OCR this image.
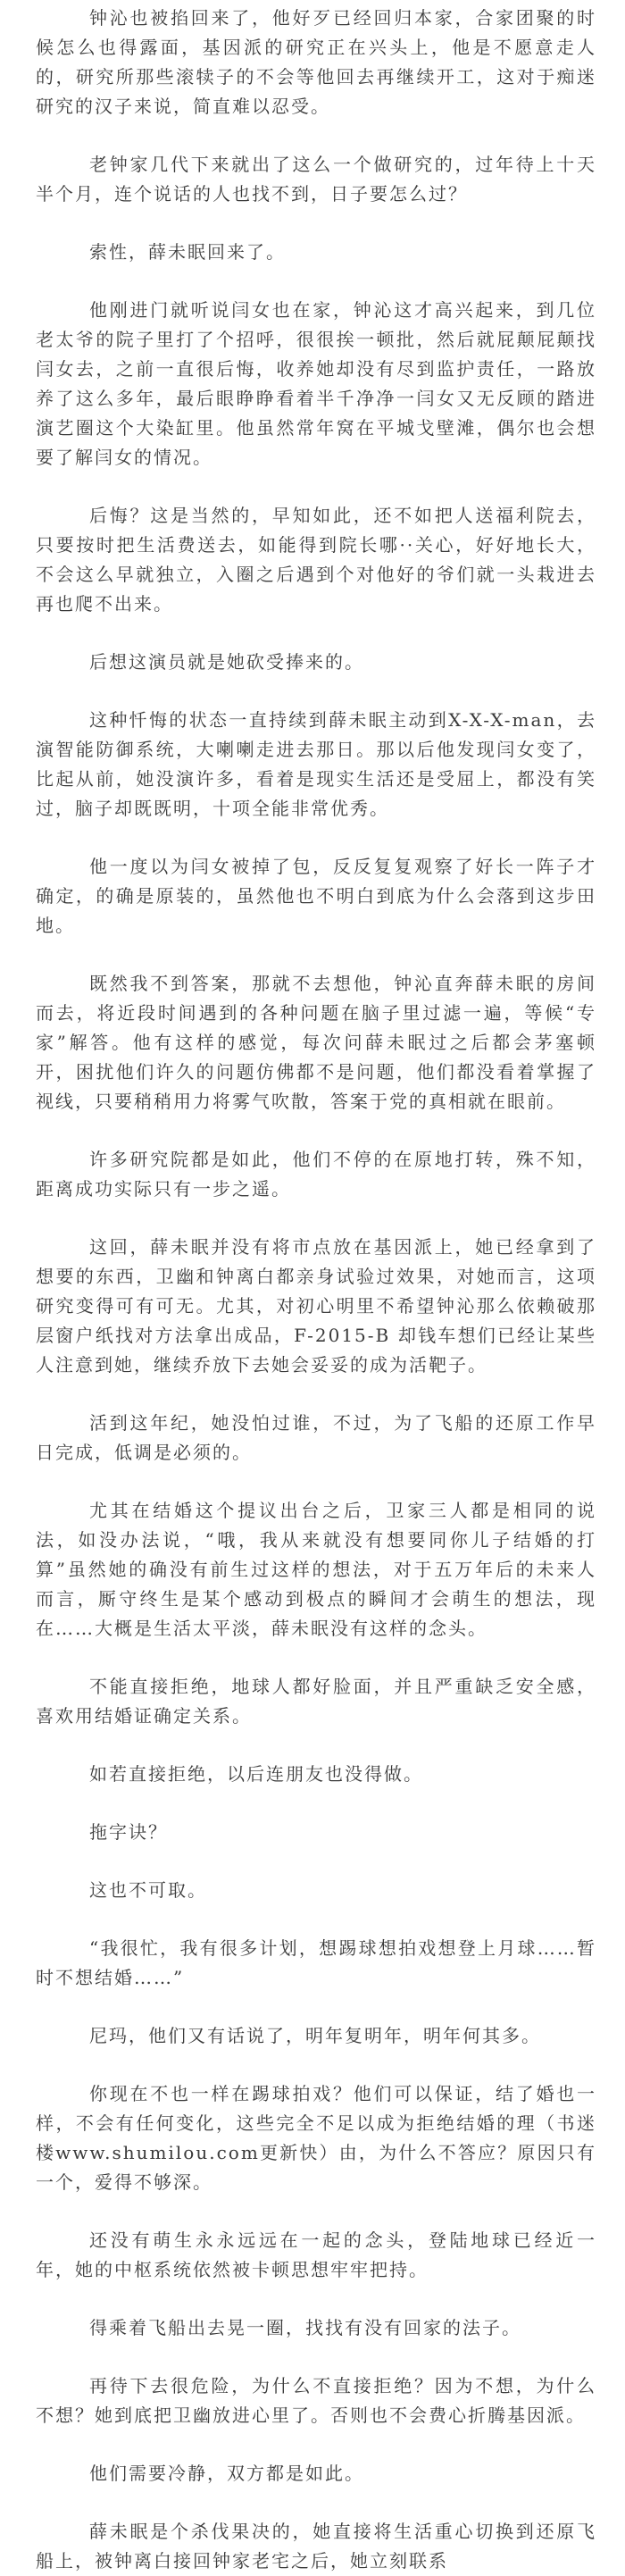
钟沁也被掐回来了，他好歹已经回归本家，合家团聚的时候怎么也得露面，基因派的研究正在兴头上，他是不愿意走人的，研究所那些滚犊子的不会等他回去再继续开工，这对于痴迷研究的汉子来说，简直难以忍受。

老钟家几代下来就出了这么一个做研究的，过年待上十天半个月，连个说话的人也找不到，日子要怎么过？

索性，薛未眠回来了。

他刚进门就听说闫女也在家，钟沁这才高兴起来，到几位老太爷的院子里打了个招呼，很很挨一顿批，然后就屁颠屁颠找闫女去，之前一直很后悔，收养她却没有尽到监护责任，一路放养了这么多年，最后眼睁睁看着半千净净一闫女又无反顾的踏进演艺圈这个大染缸里。他虽然常年窝在平城戈壁滩，偶尔也会想要了解闫女的情况。

后悔？这是当然的，早知如此，还不如把人送福利院去，只要按时把生活费送去，如能得到院长哪··关心，好好地长大，不会这么早就独立，入圈之后遇到个对他好的爷们就一头栽进去再也爬不出来。

后想这演员就是她砍受捧来的。

这种忏悔的状态一直持续到薛未眠主动到X-X-X-man，去演智能防御系统，大喇喇走进去那日。那以后他发现闫女变了，比起从前，她没演许多，看着是现实生活还是受屈上，都没有笑过，脑子却既既明，十项全能非常优秀。

他一度以为闫女被掉了包，反反复复观察了好长一阵子才确定，的确是原装的，虽然他也不明白到底为什么会落到这步田地。

既然我不到答案，那就不去想他，钟沁直奔薛未眠的房间而去，将近段时间遇到的各种问题在脑子里过滤一遍，等候“专家”解答。他有这样的感觉，每次问薛未眠过之后都会茅塞顿开，困扰他们许久的问题仿佛都不是问题，他们都没看着掌握了视线，只要稍稍用力将雾气吹散，答案于党的真相就在眼前。

许多研究院都是如此，他们不停的在原地打转，殊不知，距离成功实际只有一步之遥。

这回，薛未眠并没有将市点放在基因派上，她已经拿到了想要的东西，卫幽和钟离白都亲身试验过效果，对她而言，这项研究变得可有可无。尤其，对初心明里不希望钟沁那么依赖破那层窗户纸找对方法拿出成品，F-2015-B 却钱车想们已经让某些人注意到她，继续乔放下去她会妥妥的成为活靶子。

活到这年纪，她没怕过谁，不过，为了飞船的还原工作早日完成，低调是必须的。

尤其在结婚这个提议出台之后，卫家三人都是相同的说法，如没办法说，“哦，我从来就没有想要同你儿子结婚的打算”虽然她的确没有前生过这样的想法，对于五万年后的未来人而言，厮守终生是某个感动到极点的瞬间才会萌生的想法，现在……大概是生活太平淡，薛未眠没有这样的念头。

不能直接拒绝，地球人都好脸面，并且严重缺乏安全感，喜欢用结婚证确定关系。

如若直接拒绝，以后连朋友也没得做。

拖字诀？

这也不可取。

“我很忙，我有很多计划，想踢球想拍戏想登上月球……暂时不想结婚……”

尼玛，他们又有话说了，明年复明年，明年何其多。

你现在不也一样在踢球拍戏？他们可以保证，结了婚也一样，不会有任何变化，这些完全不足以成为拒绝结婚的理（书迷楼www.shumilou.com更新快）由，为什么不答应？原因只有一个，爱得不够深。

还没有萌生永永远远在一起的念头，登陆地球已经近一年，她的中枢系统依然被卡顿思想牢牢把持。

得乘着飞船出去晃一圈，找找有没有回家的法子。

再待下去很危险，为什么不直接拒绝？因为不想，为什么不想？她到底把卫幽放进心里了。否则也不会费心折腾基因派。

他们需要冷静，双方都是如此。

薛未眠是个杀伐果决的，她直接将生活重心切换到还原飞船上，被钟离白接回钟家老宅之后，她立刻联系
